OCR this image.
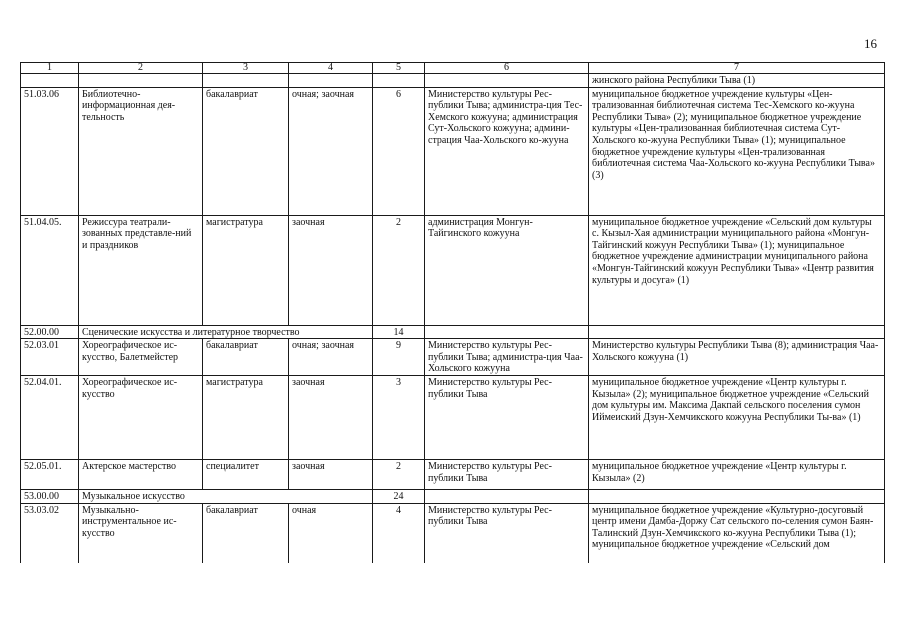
16
1	2	3	4	5	6	7
						жинского района Республики Тыва (1)
51.03.06	Библиотечно-информационная дея-тельность	бакалавриат	очная; заочная	6	Министерство культуры Рес-публики Тыва; администра-ция Тес-Хемского кожууна; администрация Сут-Хольского кожууна; админи-страция Чаа-Хольского ко-жууна	муниципальное бюджетное учреждение культуры «Цен-трализованная библиотечная система Тес-Хемского ко-жууна Республики Тыва» (2); муниципальное бюджетное учреждение культуры «Цен-трализованная библиотечная система Сут-Хольского ко-жууна Республики Тыва» (1); муниципальное бюджетное учреждение культуры «Цен-трализованная библиотечная система Чаа-Хольского ко-жууна Республики Тыва» (3)
51.04.05.	Режиссура театрали-зованных представле-ний и праздников	магистратура	заочная	2	администрация Монгун-Тайгинского кожууна	муниципальное бюджетное учреждение «Сельский дом культуры с. Кызыл-Хая администрации муниципального района «Монгун-Тайгинский кожуун Республики Тыва» (1); муниципальное бюджетное учреждение администрации муниципального района «Монгун-Тайгинский кожуун Республики Тыва» «Центр развития культуры и досуга» (1)
52.00.00	Сценические искусства и литературное творчество			14		
52.03.01	Хореографическое ис-кусство, Балетмейстер	бакалавриат	очная; заочная	9	Министерство культуры Рес-публики Тыва; администра-ция Чаа-Хольского кожууна	Министерство культуры Республики Тыва (8); администрация Чаа-Хольского кожууна (1)
52.04.01.	Хореографическое ис-кусство	магистратура	заочная	3	Министерство культуры Рес-публики Тыва	муниципальное бюджетное учреждение «Центр культуры г. Кызыла» (2); муниципальное бюджетное учреждение «Сельский дом культуры им. Максима Дакпай сельского поселения сумон Иймеиский Дзун-Хемчикского кожууна Республики Ты-ва» (1)
52.05.01.	Актерское мастерство	специалитет	заочная	2	Министерство культуры Рес-публики Тыва	муниципальное бюджетное учреждение «Центр культуры г. Кызыла» (2)
53.00.00	Музыкальное искусство			24		
53.03.02	Музыкально-инструментальное ис-кусство	бакалавриат	очная	4	Министерство культуры Рес-публики Тыва	муниципальное бюджетное учреждение «Культурно-досуговый центр имени Дамба-Доржу Сат сельского по-селения сумон Баян-Талинский Дзун-Хемчикского ко-жууна Республики Тыва (1); муниципальное бюджетное учреждение «Сельский дом
